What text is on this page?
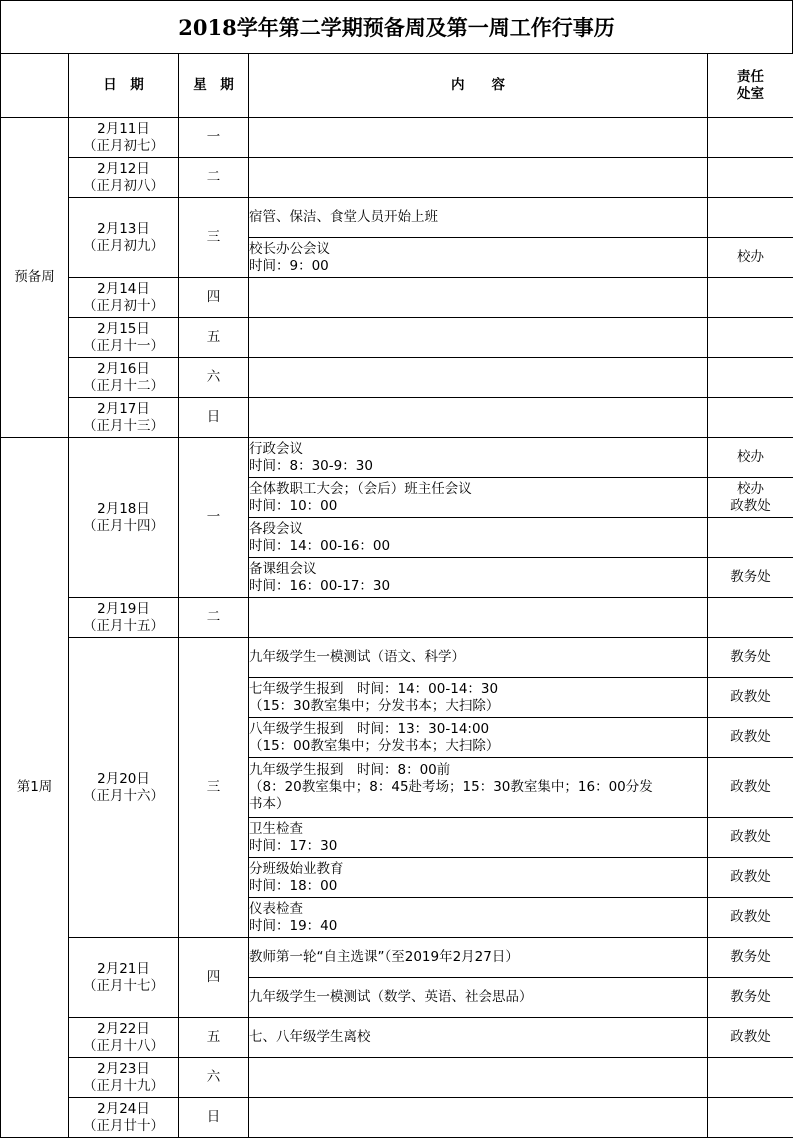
2018学年第二学期预备周及第一周工作行事历
	日　期	星　期	内　　容	责任
处室
预备周	2月11日
（正月初七）	一		

	2月12日
（正月初八）	二		

	2月13日
（正月初九）	三	宿管、保洁、食堂人员开始上班	
			校长办公会议
时间：9：00	校办

	2月14日
（正月初十）	四		

	2月15日
（正月十一）	五		

	2月16日
（正月十二）	六		

	2月17日
（正月十三）	日		
第1周	2月18日
（正月十四）	一	行政会议
时间：8：30-9：30	校办
			全体教职工大会；（会后）班主任会议
时间：10：00	校办
政教处
			各段会议
时间：14：00-16：00	
			备课组会议
时间：16：00-17：30	教务处

	2月19日
（正月十五）	二		

	2月20日
（正月十六）	三	九年级学生一模测试（语文、科学）	教务处
			七年级学生报到　时间：14：00-14：30
（15：30教室集中；分发书本；大扫除）	政教处
			八年级学生报到　时间：13：30-14:00
（15：00教室集中；分发书本；大扫除）	政教处
			九年级学生报到　时间：8：00前
（8：20教室集中；8：45赴考场；15：30教室集中；16：00分发
书本）	政教处
			卫生检查
时间：17：30	政教处
			分班级始业教育
时间：18：00	政教处
			仪表检查
时间：19：40	政教处

	2月21日
（正月十七）	四	教师第一轮“自主选课”（至2019年2月27日）	教务处
			九年级学生一模测试（数学、英语、社会思品）	教务处

	2月22日
（正月十八）	五	七、八年级学生离校	政教处

	2月23日
（正月十九）	六		

	2月24日
（正月廿十）	日		
